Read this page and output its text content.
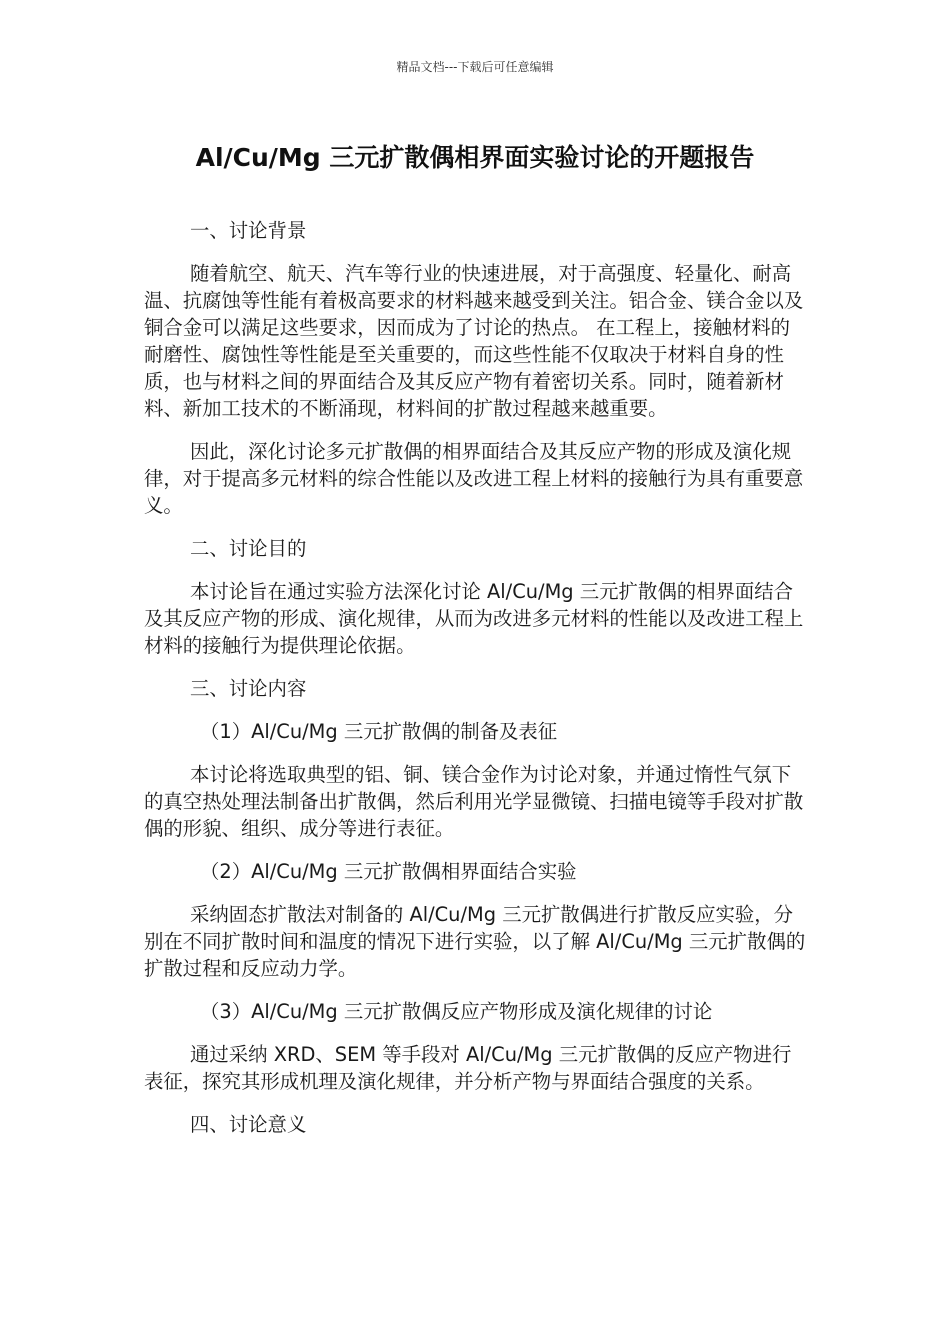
精品文档---下载后可任意编辑
Al/Cu/Mg 三元扩散偶相界面实验讨论的开题报告

一、讨论背景

随着航空、航天、汽车等行业的快速进展，对于高强度、轻量化、耐高温、抗腐蚀等性能有着极高要求的材料越来越受到关注。铝合金、镁合金以及铜合金可以满足这些要求，因而成为了讨论的热点。 在工程上，接触材料的耐磨性、腐蚀性等性能是至关重要的，而这些性能不仅取决于材料自身的性质，也与材料之间的界面结合及其反应产物有着密切关系。同时，随着新材料、新加工技术的不断涌现，材料间的扩散过程越来越重要。

因此，深化讨论多元扩散偶的相界面结合及其反应产物的形成及演化规律，对于提高多元材料的综合性能以及改进工程上材料的接触行为具有重要意义。

二、讨论目的

本讨论旨在通过实验方法深化讨论 Al/Cu/Mg 三元扩散偶的相界面结合及其反应产物的形成、演化规律，从而为改进多元材料的性能以及改进工程上材料的接触行为提供理论依据。

三、讨论内容

（1）Al/Cu/Mg 三元扩散偶的制备及表征

本讨论将选取典型的铝、铜、镁合金作为讨论对象，并通过惰性气氛下的真空热处理法制备出扩散偶，然后利用光学显微镜、扫描电镜等手段对扩散偶的形貌、组织、成分等进行表征。

（2）Al/Cu/Mg 三元扩散偶相界面结合实验

采纳固态扩散法对制备的 Al/Cu/Mg 三元扩散偶进行扩散反应实验，分别在不同扩散时间和温度的情况下进行实验，以了解 Al/Cu/Mg 三元扩散偶的扩散过程和反应动力学。

（3）Al/Cu/Mg 三元扩散偶反应产物形成及演化规律的讨论

通过采纳 XRD、SEM 等手段对 Al/Cu/Mg 三元扩散偶的反应产物进行表征，探究其形成机理及演化规律，并分析产物与界面结合强度的关系。

四、讨论意义
